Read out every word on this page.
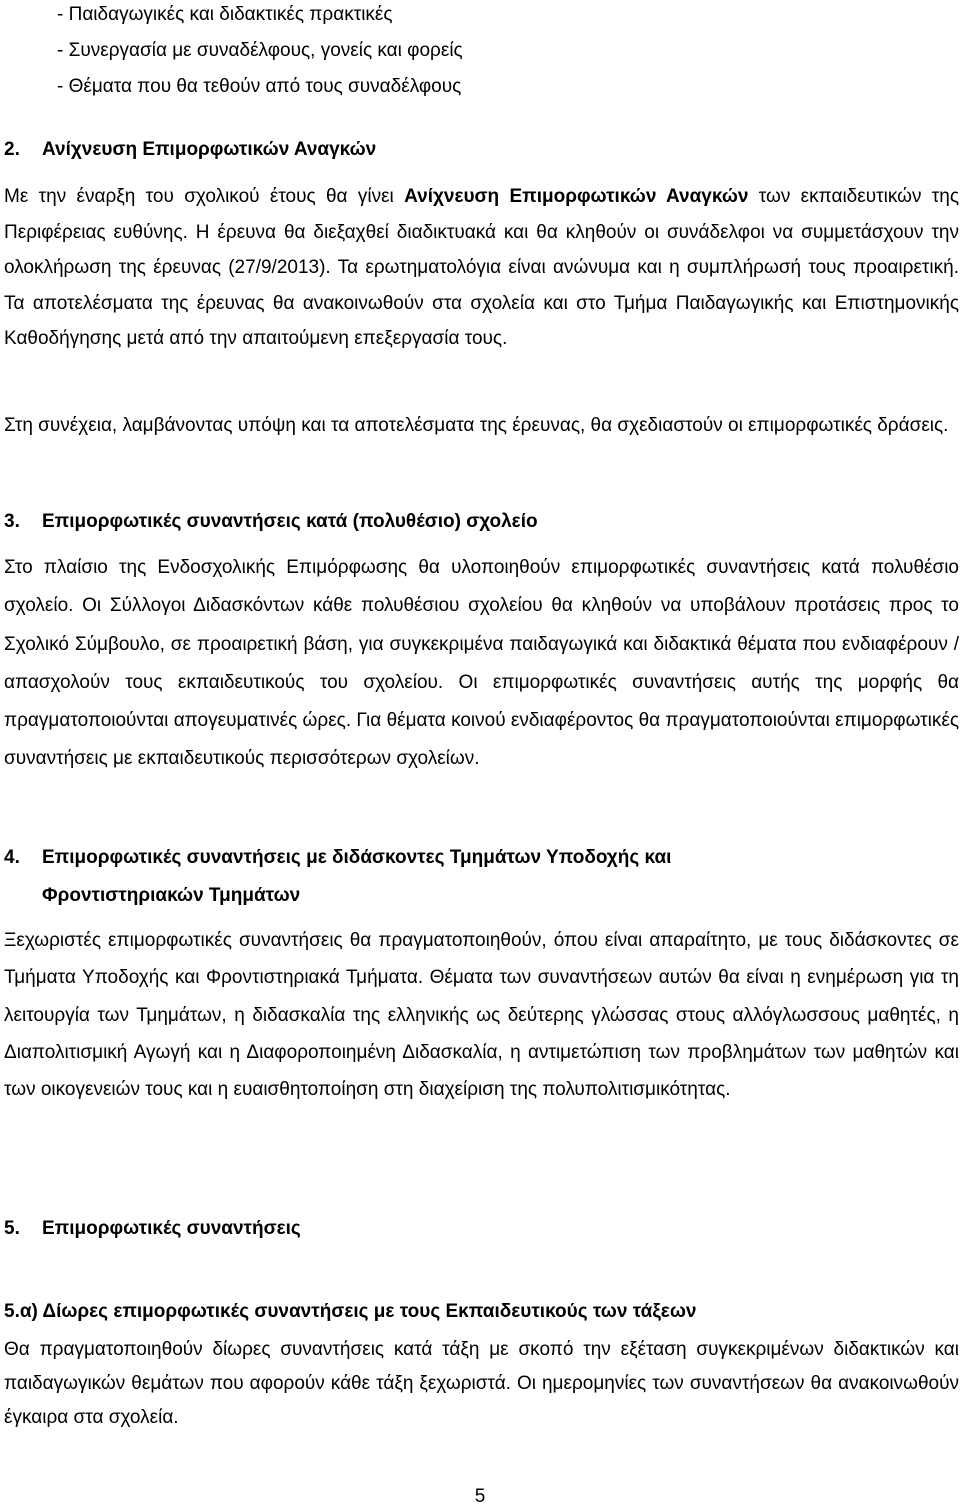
- Παιδαγωγικές και διδακτικές πρακτικές
- Συνεργασία με συναδέλφους, γονείς και φορείς
- Θέματα που θα τεθούν από τους συναδέλφους
2. Ανίχνευση Επιμορφωτικών Αναγκών

Με την έναρξη του σχολικού έτους θα γίνει Ανίχνευση Επιμορφωτικών Αναγκών των εκπαιδευτικών της Περιφέρειας ευθύνης. Η έρευνα θα διεξαχθεί διαδικτυακά και θα κληθούν οι συνάδελφοι να συμμετάσχουν την ολοκλήρωση της έρευνας (27/9/2013). Τα ερωτηματολόγια είναι ανώνυμα και η συμπλήρωσή τους προαιρετική. Τα αποτελέσματα της έρευνας θα ανακοινωθούν στα σχολεία και στο Τμήμα Παιδαγωγικής και Επιστημονικής Καθοδήγησης μετά από την απαιτούμενη επεξεργασία τους.

Στη συνέχεια, λαμβάνοντας υπόψη και τα αποτελέσματα της έρευνας, θα σχεδιαστούν οι επιμορφωτικές δράσεις.

3. Επιμορφωτικές συναντήσεις κατά (πολυθέσιο) σχολείο

Στο πλαίσιο της Ενδοσχολικής Επιμόρφωσης θα υλοποιηθούν επιμορφωτικές συναντήσεις κατά πολυθέσιο σχολείο. Οι Σύλλογοι Διδασκόντων κάθε πολυθέσιου σχολείου θα κληθούν να υποβάλουν προτάσεις προς το Σχολικό Σύμβουλο, σε προαιρετική βάση, για συγκεκριμένα παιδαγωγικά και διδακτικά θέματα που ενδιαφέρουν / απασχολούν τους εκπαιδευτικούς του σχολείου. Οι επιμορφωτικές συναντήσεις αυτής της μορφής θα πραγματοποιούνται απογευματινές ώρες. Για θέματα κοινού ενδιαφέροντος θα πραγματοποιούνται επιμορφωτικές συναντήσεις με εκπαιδευτικούς περισσότερων σχολείων.

4. Επιμορφωτικές συναντήσεις με διδάσκοντες Τμημάτων Υποδοχής και
Φροντιστηριακών Τμημάτων

Ξεχωριστές επιμορφωτικές συναντήσεις θα πραγματοποιηθούν, όπου είναι απαραίτητο, με τους διδάσκοντες σε Τμήματα Υποδοχής και Φροντιστηριακά Τμήματα. Θέματα των συναντήσεων αυτών θα είναι η ενημέρωση για τη λειτουργία των Τμημάτων, η διδασκαλία της ελληνικής ως δεύτερης γλώσσας στους αλλόγλωσσους μαθητές, η Διαπολιτισμική Αγωγή και η Διαφοροποιημένη Διδασκαλία, η αντιμετώπιση των προβλημάτων των μαθητών και των οικογενειών τους και η ευαισθητοποίηση στη διαχείριση της πολυπολιτισμικότητας.

5. Επιμορφωτικές συναντήσεις
5.α) Δίωρες επιμορφωτικές συναντήσεις με τους Εκπαιδευτικούς των τάξεων

Θα πραγματοποιηθούν δίωρες συναντήσεις κατά τάξη με σκοπό την εξέταση συγκεκριμένων διδακτικών και παιδαγωγικών θεμάτων που αφορούν κάθε τάξη ξεχωριστά. Οι ημερομηνίες των συναντήσεων θα ανακοινωθούν έγκαιρα στα σχολεία.

5
